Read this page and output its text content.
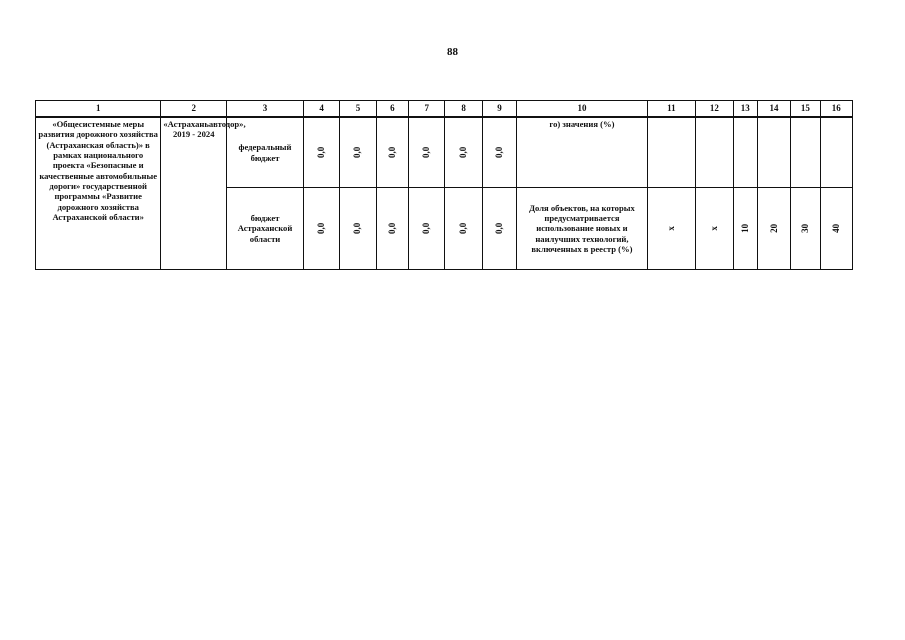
88
1	2	3	4	5	6	7	8	9	10	11	12	13	14	15	16
«Общесистемные меры развития дорожного хозяйства (Астраханская область)» в рамках национального проекта «Безопасные и качественные автомобильные дороги» государственной программы «Развитие дорожного хозяйства Астраханской области»	«Астраханьавтодор», 2019 - 2024	федеральный бюджет	0,0	0,0	0,0	0,0	0,0	0,0	го) значения (%)						
		бюджет Астраханской области	0,0	0,0	0,0	0,0	0,0	0,0	Доля объектов, на которых предусматривается использование новых и наилучших технологий, включенных в реестр (%)	х	х	10	20	30	40
